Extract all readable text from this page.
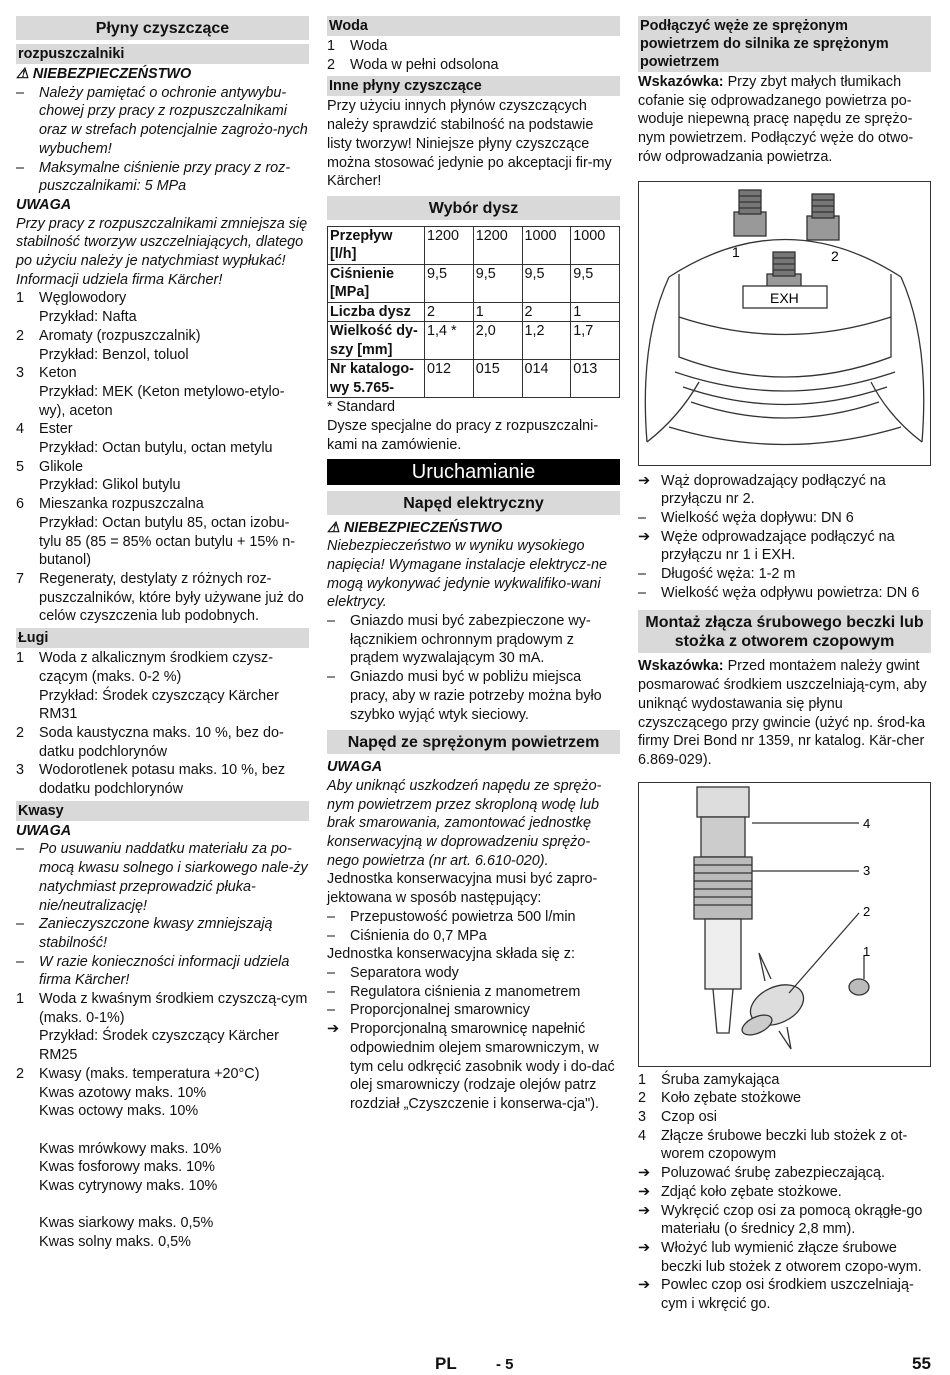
Płyny czyszczące
rozpuszczalniki
⚠ NIEBEZPIECZEŃSTWO
– Należy pamiętać o ochronie antywybu-chowej przy pracy z rozpuszczalnikami oraz w strefach potencjalnie zagrożo-nych wybuchem!
– Maksymalne ciśnienie przy pracy z roz-puszczalnikami: 5 MPa
UWAGA

Przy pracy z rozpuszczalnikami zmniejsza się stabilność tworzyw uszczelniających, dlatego po użyciu należy je natychmiast wypłukać! Informacji udziela firma Kärcher!

1 Węglowodory
Przykład: Nafta
2 Aromaty (rozpuszczalnik)
Przykład: Benzol, toluol
3 Keton
Przykład: MEK (Keton metylowo-etylo-wy), aceton
4 Ester
Przykład: Octan butylu, octan metylu
5 Glikole
Przykład: Glikol butylu
6 Mieszanka rozpuszczalna
Przykład: Octan butylu 85, octan izobu-tylu 85 (85 = 85% octan butylu + 15% n-butanol)
7 Regeneraty, destylaty z różnych roz-puszczalników, które były używane już do celów czyszczenia lub podobnych.
Ługi
1 Woda z alkalicznym środkiem czysz-czącym (maks. 0-2 %)
Przykład: Środek czyszczący Kärcher RM31
2 Soda kaustyczna maks. 10 %, bez do-datku podchlorynów
3 Wodorotlenek potasu maks. 10 %, bez dodatku podchlorynów
Kwasy
UWAGA
– Po usuwaniu naddatku materiału za po-mocą kwasu solnego i siarkowego nale-ży natychmiast przeprowadzić płuka-nie/neutralizację!
– Zanieczyszczone kwasy zmniejszają stabilność!
– W razie konieczności informacji udziela firma Kärcher!
1 Woda z kwaśnym środkiem czyszczą-cym (maks. 0-1%)
Przykład: Środek czyszczący Kärcher RM25
2 Kwasy (maks. temperatura +20°C)
Kwas azotowy maks. 10%
Kwas octowy maks. 10%
Kwas mrówkowy maks. 10%
Kwas fosforowy maks. 10%
Kwas cytrynowy maks. 10%
Kwas siarkowy maks. 0,5%
Kwas solny maks. 0,5%
Woda
1 Woda
2 Woda w pełni odsolona
Inne płyny czyszczące

Przy użyciu innych płynów czyszczących należy sprawdzić stabilność na podstawie listy tworzyw! Niniejsze płyny czyszczące można stosować jedynie po akceptacji fir-my Kärcher!

Wybór dysz
Przepływ [l/h]	1200	1200	1000	1000
Ciśnienie [MPa]	9,5	9,5	9,5	9,5
Liczba dysz	2	1	2	1
Wielkość dy-szy [mm]	1,4 *	2,0	1,2	1,7
Nr katalogo-wy 5.765-	012	015	014	013

* Standard

Dysze specjalne do pracy z rozpuszczalni-kami na zamówienie.

Uruchamianie
Napęd elektryczny
⚠ NIEBEZPIECZEŃSTWO

Niebezpieczeństwo w wyniku wysokiego napięcia! Wymagane instalacje elektrycz-ne mogą wykonywać jedynie wykwalifiko-wani elektrycy.

– Gniazdo musi być zabezpieczone wy-łącznikiem ochronnym prądowym z prądem wyzwalającym 30 mA.
– Gniazdo musi być w pobliżu miejsca pracy, aby w razie potrzeby można było szybko wyjąć wtyk sieciowy.
Napęd ze sprężonym powietrzem
UWAGA

Aby uniknąć uszkodzeń napędu ze sprężo-nym powietrzem przez skroploną wodę lub brak smarowania, zamontować jednostkę konserwacyjną w doprowadzeniu sprężo-nego powietrza (nr art. 6.610-020).

Jednostka konserwacyjna musi być zapro-jektowana w sposób następujący:

– Przepustowość powietrza 500 l/min
– Ciśnienia do 0,7 MPa

Jednostka konserwacyjna składa się z:

– Separatora wody
– Regulatora ciśnienia z manometrem
– Proporcjonalnej smarownicy
➔ Proporcjonalną smarownicę napełnić odpowiednim olejem smarowniczym, w tym celu odkręcić zasobnik wody i do-dać olej smarowniczy (rodzaje olejów patrz rozdział „Czyszczenie i konserwa-cja").
Podłączyć węże ze sprężonym powietrzem do silnika ze sprężonym powietrzem

Wskazówka: Przy zbyt małych tłumikach cofanie się odprowadzanego powietrza po-woduje niepewną pracę napędu ze sprężo-nym powietrzem. Podłączyć węże do otwo-rów odprowadzania powietrza.

1	2
EXH
➔ Wąż doprowadzający podłączyć na przyłączu nr 2.
– Wielkość węża dopływu: DN 6
➔ Węże odprowadzające podłączyć na przyłączu nr 1 i EXH.
– Długość węża: 1-2 m
– Wielkość węża odpływu powietrza: DN 6
Montaż złącza śrubowego beczki lub stożka z otworem czopowym

Wskazówka: Przed montażem należy gwint posmarować środkiem uszczelniają-cym, aby uniknąć wydostawania się płynu czyszczącego przy gwincie (użyć np. środ-ka firmy Drei Bond nr 1359, nr katalog. Kär-cher 6.869-029).

4
3
2
1
1 Śruba zamykająca
2 Koło zębate stożkowe
3 Czop osi
4 Złącze śrubowe beczki lub stożek z ot-worem czopowym
➔ Poluzować śrubę zabezpieczającą.
➔ Zdjąć koło zębate stożkowe.
➔ Wykręcić czop osi za pomocą okrągłe-go materiału (o średnicy 2,8 mm).
➔ Włożyć lub wymienić złącze śrubowe beczki lub stożek z otworem czopo-wym.
➔ Powlec czop osi środkiem uszczelniają-cym i wkręcić go.
PL	- 5	55
